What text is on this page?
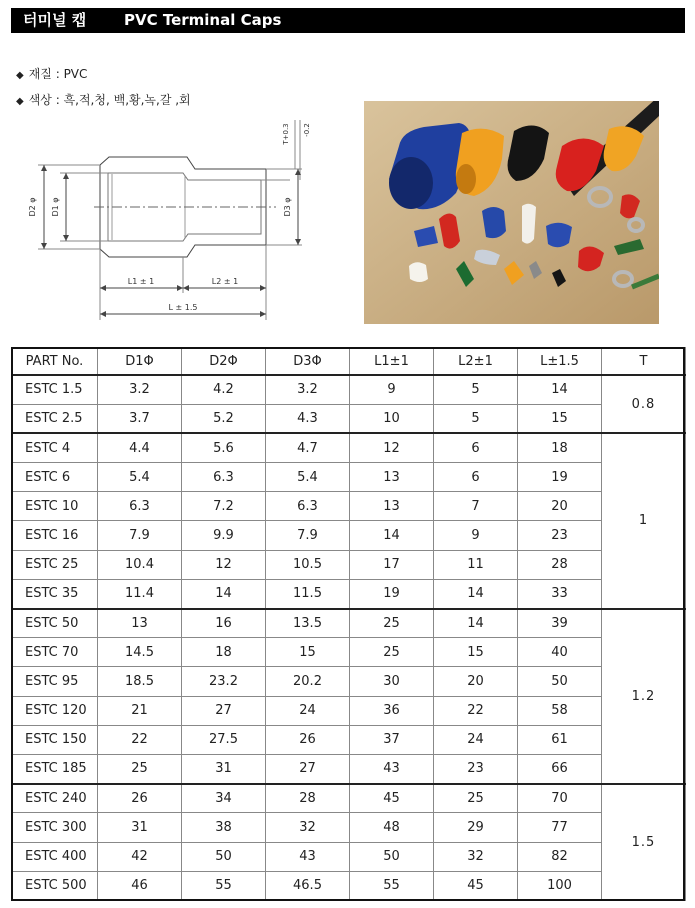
터미널 캡	PVC Terminal Caps
◆ 재질 : PVC
◆ 색상 : 흑,적,청, 백,황,녹,갈 ,회
D2 φ D1 φ	D3 φ
L1 ± 1	L2 ± 1
L ± 1.5
T+0.3 -0.2
PART No.	D1Φ	D2Φ	D3Φ	L1±1	L2±1	L±1.5	T
ESTC 1.5	3.2	4.2	3.2	9	5	14	0.8
ESTC 2.5	3.7	5.2	4.3	10	5	15	
ESTC 4	4.4	5.6	4.7	12	6	18	1
ESTC 6	5.4	6.3	5.4	13	6	19	
ESTC 10	6.3	7.2	6.3	13	7	20	
ESTC 16	7.9	9.9	7.9	14	9	23	
ESTC 25	10.4	12	10.5	17	11	28	
ESTC 35	11.4	14	11.5	19	14	33	
ESTC 50	13	16	13.5	25	14	39	1.2
ESTC 70	14.5	18	15	25	15	40	
ESTC 95	18.5	23.2	20.2	30	20	50	
ESTC 120	21	27	24	36	22	58	
ESTC 150	22	27.5	26	37	24	61	
ESTC 185	25	31	27	43	23	66	
ESTC 240	26	34	28	45	25	70	1.5
ESTC 300	31	38	32	48	29	77	
ESTC 400	42	50	43	50	32	82	
ESTC 500	46	55	46.5	55	45	100	
